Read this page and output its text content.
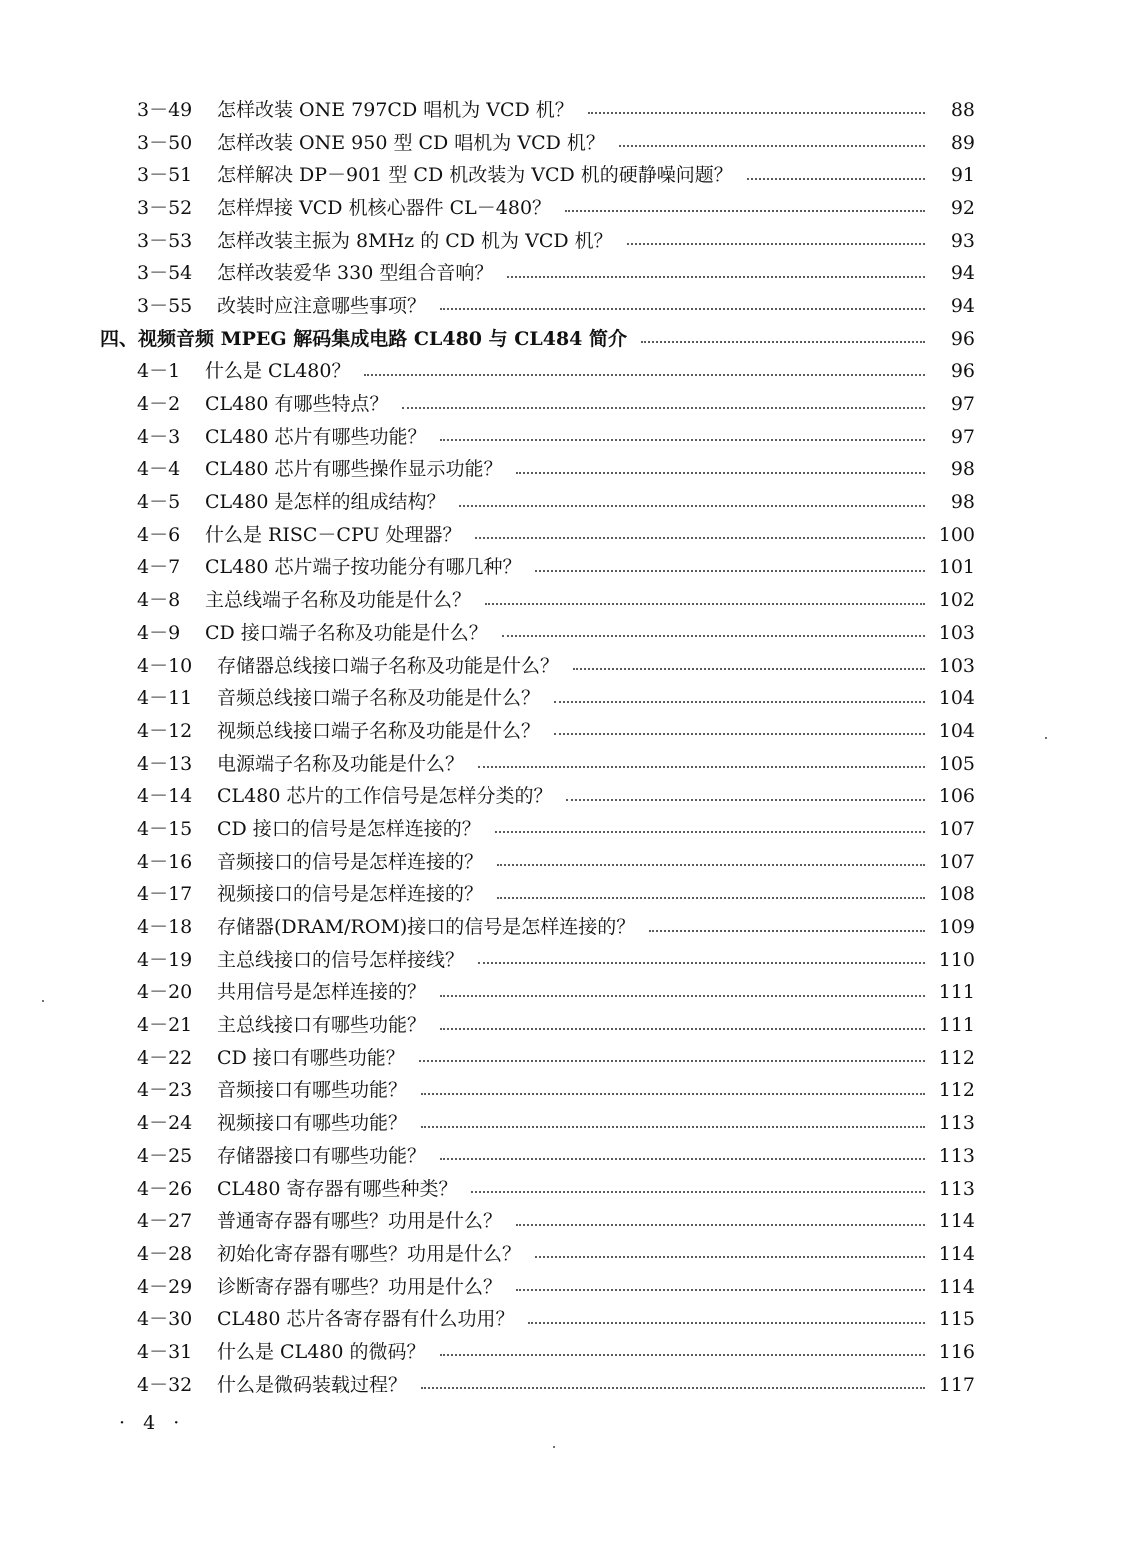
3－49	怎样改装 ONE 797CD 唱机为 VCD 机？	88
3－50	怎样改装 ONE 950 型 CD 唱机为 VCD 机？	89
3－51	怎样解决 DP－901 型 CD 机改装为 VCD 机的硬静噪问题？	91
3－52	怎样焊接 VCD 机核心器件 CL－480？	92
3－53	怎样改装主振为 8MHz 的 CD 机为 VCD 机？	93
3－54	怎样改装爱华 330 型组合音响？	94
3－55	改装时应注意哪些事项？	94
四、视频音频 MPEG 解码集成电路 CL480 与 CL484 简介	96
4－1	什么是 CL480？	96
4－2	CL480 有哪些特点？	97
4－3	CL480 芯片有哪些功能？	97
4－4	CL480 芯片有哪些操作显示功能？	98
4－5	CL480 是怎样的组成结构？	98
4－6	什么是 RISC－CPU 处理器？	100
4－7	CL480 芯片端子按功能分有哪几种？	101
4－8	主总线端子名称及功能是什么？	102
4－9	CD 接口端子名称及功能是什么？	103
4－10	存储器总线接口端子名称及功能是什么？	103
4－11	音频总线接口端子名称及功能是什么？	104
4－12	视频总线接口端子名称及功能是什么？	104
4－13	电源端子名称及功能是什么？	105
4－14	CL480 芯片的工作信号是怎样分类的？	106
4－15	CD 接口的信号是怎样连接的？	107
4－16	音频接口的信号是怎样连接的？	107
4－17	视频接口的信号是怎样连接的？	108
4－18	存储器(DRAM/ROM)接口的信号是怎样连接的？	109
4－19	主总线接口的信号怎样接线？	110
4－20	共用信号是怎样连接的？	111
4－21	主总线接口有哪些功能？	111
4－22	CD 接口有哪些功能？	112
4－23	音频接口有哪些功能？	112
4－24	视频接口有哪些功能？	113
4－25	存储器接口有哪些功能？	113
4－26	CL480 寄存器有哪些种类？	113
4－27	普通寄存器有哪些？功用是什么？	114
4－28	初始化寄存器有哪些？功用是什么？	114
4－29	诊断寄存器有哪些？功用是什么？	114
4－30	CL480 芯片各寄存器有什么功用？	115
4－31	什么是 CL480 的微码？	116
4－32	什么是微码装载过程？	117
· 4 ·
